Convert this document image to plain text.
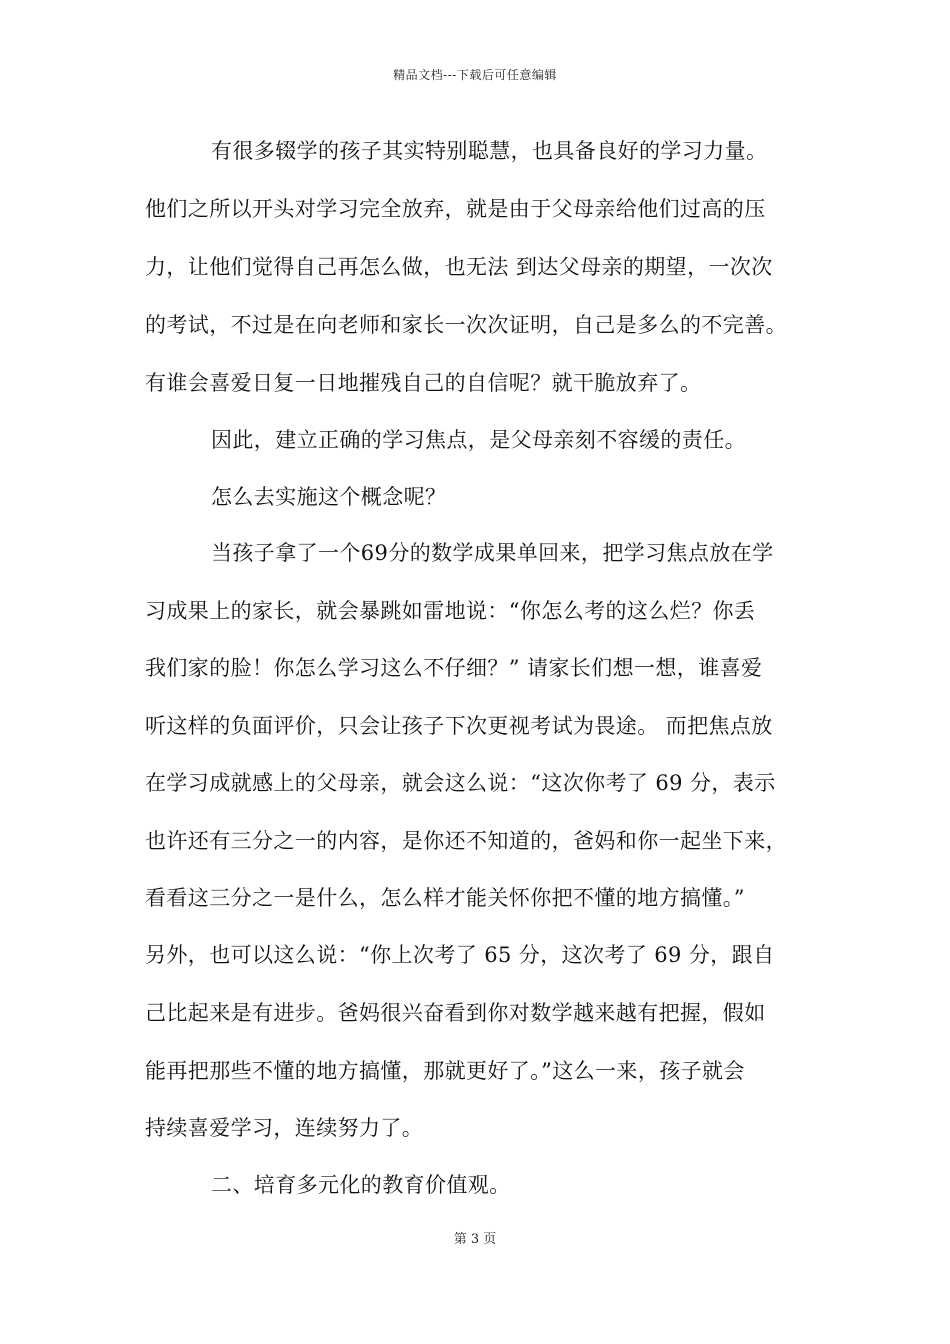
精品文档---下载后可任意编辑
有很多辍学的孩子其实特别聪慧，也具备良好的学习力量。
他们之所以开头对学习完全放弃，就是由于父母亲给他们过高的压
力，让他们觉得自己再怎么做，也无法 到达父母亲的期望，一次次
的考试，不过是在向老师和家长一次次证明，自己是多么的不完善。
有谁会喜爱日复一日地摧残自己的自信呢？就干脆放弃了。
因此，建立正确的学习焦点，是父母亲刻不容缓的责任。
怎么去实施这个概念呢？
当孩子拿了一个69分的数学成果单回来，把学习焦点放在学
习成果上的家长，就会暴跳如雷地说：“你怎么考的这么烂？你丢
我们家的脸！你怎么学习这么不仔细？” 请家长们想一想，谁喜爱
听这样的负面评价，只会让孩子下次更视考试为畏途。 而把焦点放
在学习成就感上的父母亲，就会这么说：“这次你考了 69 分，表示
也许还有三分之一的内容，是你还不知道的，爸妈和你一起坐下来，
看看这三分之一是什么，怎么样才能关怀你把不懂的地方搞懂。”
另外，也可以这么说：“你上次考了 65 分，这次考了 69 分，跟自
己比起来是有进步。爸妈很兴奋看到你对数学越来越有把握，假如
能再把那些不懂的地方搞懂，那就更好了。”这么一来，孩子就会
持续喜爱学习，连续努力了。
二、培育多元化的教育价值观。
第 3 页
